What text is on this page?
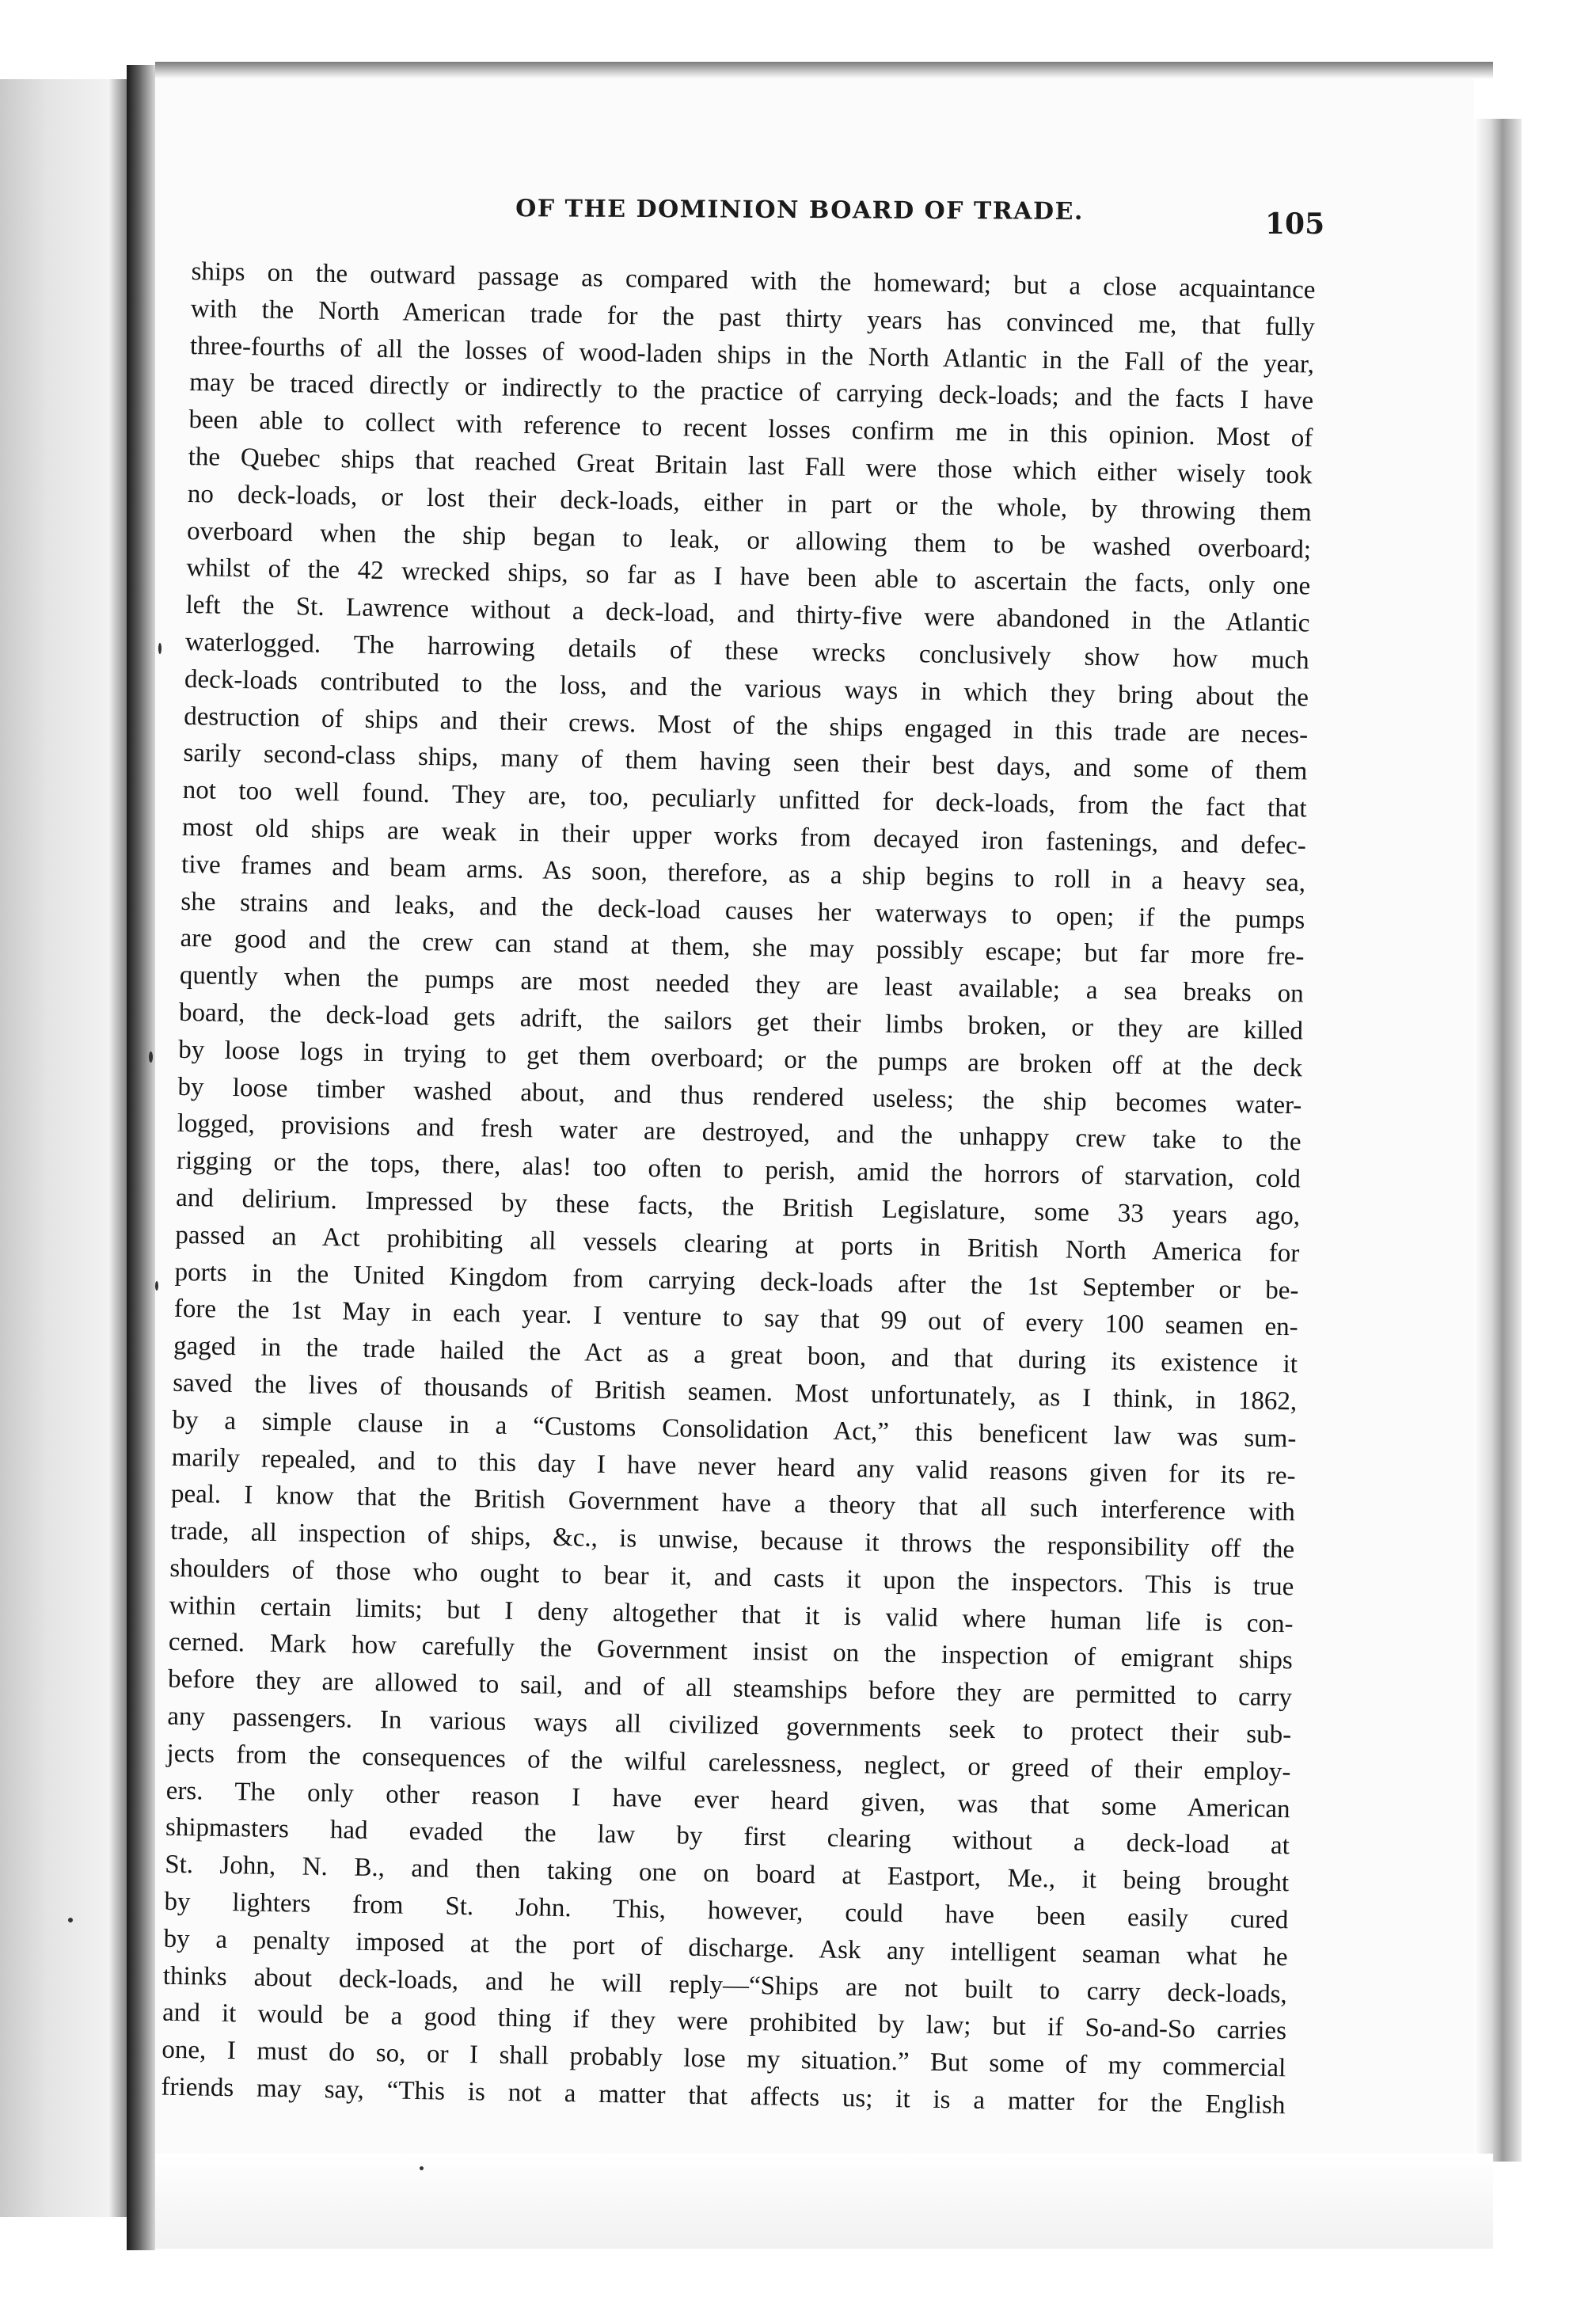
OF THE DOMINION BOARD OF TRADE.	105
ships on the outward passage as compared with the homeward; but a close acquaintance
with the North American trade for the past thirty years has convinced me, that fully
three-fourths of all the losses of wood-laden ships in the North Atlantic in the Fall of the year,
may be traced directly or indirectly to the practice of carrying deck-loads; and the facts I have
been able to collect with reference to recent losses confirm me in this opinion. Most of
the Quebec ships that reached Great Britain last Fall were those which either wisely took
no deck-loads, or lost their deck-loads, either in part or the whole, by throwing them
overboard when the ship began to leak, or allowing them to be washed overboard;
whilst of the 42 wrecked ships, so far as I have been able to ascertain the facts, only one
left the St. Lawrence without a deck-load, and thirty-five were abandoned in the Atlantic
waterlogged. The harrowing details of these wrecks conclusively show how much
deck-loads contributed to the loss, and the various ways in which they bring about the
destruction of ships and their crews. Most of the ships engaged in this trade are neces-
sarily second-class ships, many of them having seen their best days, and some of them
not too well found. They are, too, peculiarly unfitted for deck-loads, from the fact that
most old ships are weak in their upper works from decayed iron fastenings, and defec-
tive frames and beam arms. As soon, therefore, as a ship begins to roll in a heavy sea,
she strains and leaks, and the deck-load causes her waterways to open; if the pumps
are good and the crew can stand at them, she may possibly escape; but far more fre-
quently when the pumps are most needed they are least available; a sea breaks on
board, the deck-load gets adrift, the sailors get their limbs broken, or they are killed
by loose logs in trying to get them overboard; or the pumps are broken off at the deck
by loose timber washed about, and thus rendered useless; the ship becomes water-
logged, provisions and fresh water are destroyed, and the unhappy crew take to the
rigging or the tops, there, alas! too often to perish, amid the horrors of starvation, cold
and delirium. Impressed by these facts, the British Legislature, some 33 years ago,
passed an Act prohibiting all vessels clearing at ports in British North America for
ports in the United Kingdom from carrying deck-loads after the 1st September or be-
fore the 1st May in each year. I venture to say that 99 out of every 100 seamen en-
gaged in the trade hailed the Act as a great boon, and that during its existence it
saved the lives of thousands of British seamen. Most unfortunately, as I think, in 1862,
by a simple clause in a “Customs Consolidation Act,” this beneficent law was sum-
marily repealed, and to this day I have never heard any valid reasons given for its re-
peal. I know that the British Government have a theory that all such interference with
trade, all inspection of ships, &c., is unwise, because it throws the responsibility off the
shoulders of those who ought to bear it, and casts it upon the inspectors. This is true
within certain limits; but I deny altogether that it is valid where human life is con-
cerned. Mark how carefully the Government insist on the inspection of emigrant ships
before they are allowed to sail, and of all steamships before they are permitted to carry
any passengers. In various ways all civilized governments seek to protect their sub-
jects from the consequences of the wilful carelessness, neglect, or greed of their employ-
ers. The only other reason I have ever heard given, was that some American
shipmasters had evaded the law by first clearing without a deck-load at
St. John, N. B., and then taking one on board at Eastport, Me., it being brought
by lighters from St. John. This, however, could have been easily cured
by a penalty imposed at the port of discharge. Ask any intelligent seaman what he
thinks about deck-loads, and he will reply—“Ships are not built to carry deck-loads,
and it would be a good thing if they were prohibited by law; but if So-and-So carries
one, I must do so, or I shall probably lose my situation.” But some of my commercial
friends may say, “This is not a matter that affects us; it is a matter for the English
